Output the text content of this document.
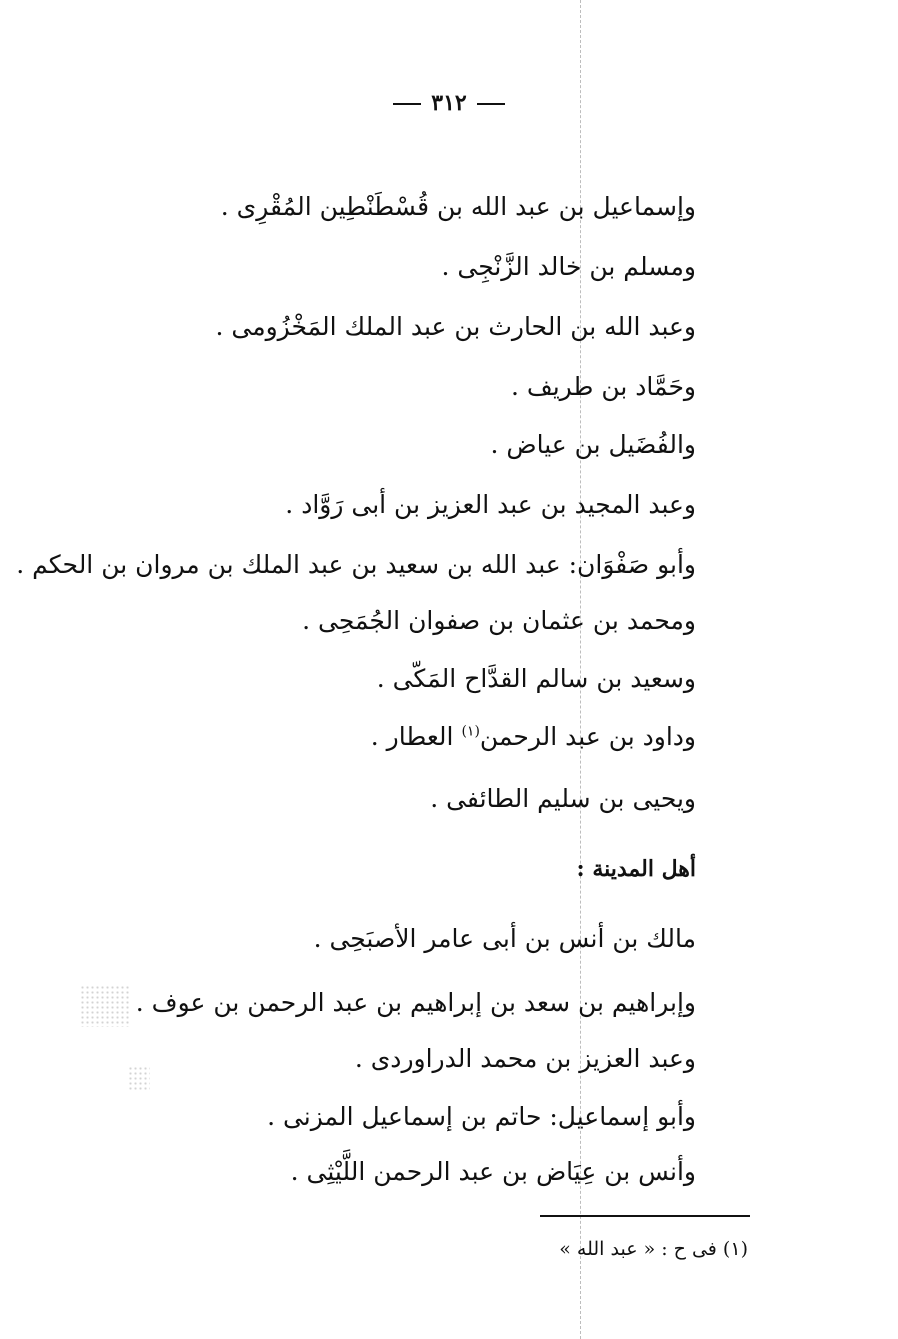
٣١٢
وإسماعيل بن عبد الله بن قُسْطَنْطِين المُقْرِى .
ومسلم بن خالد الزَّنْجِى .
وعبد الله بن الحارث بن عبد الملك المَخْزُومى .
وحَمَّاد بن طريف .
والفُضَيل بن عياض .
وعبد المجيد بن عبد العزيز بن أبى رَوَّاد .
وأبو صَفْوَان: عبد الله بن سعيد بن عبد الملك بن مروان بن الحكم .
ومحمد بن عثمان بن صفوان الجُمَحِى .
وسعيد بن سالم القدَّاح المَكّى .
وداود بن عبد الرحمن$^{(١)}$ العطار .
ويحيى بن سليم الطائفى .
أهل المدينة :
مالك بن أنس بن أبى عامر الأصبَحِى .
وإبراهيم بن سعد بن إبراهيم بن عبد الرحمن بن عوف .
وعبد العزيز بن محمد الدراوردى .
وأبو إسماعيل: حاتم بن إسماعيل المزنى .
وأنس بن عِيَاض بن عبد الرحمن اللَّيْثِى .
(١) فى ح : « عبد الله »
